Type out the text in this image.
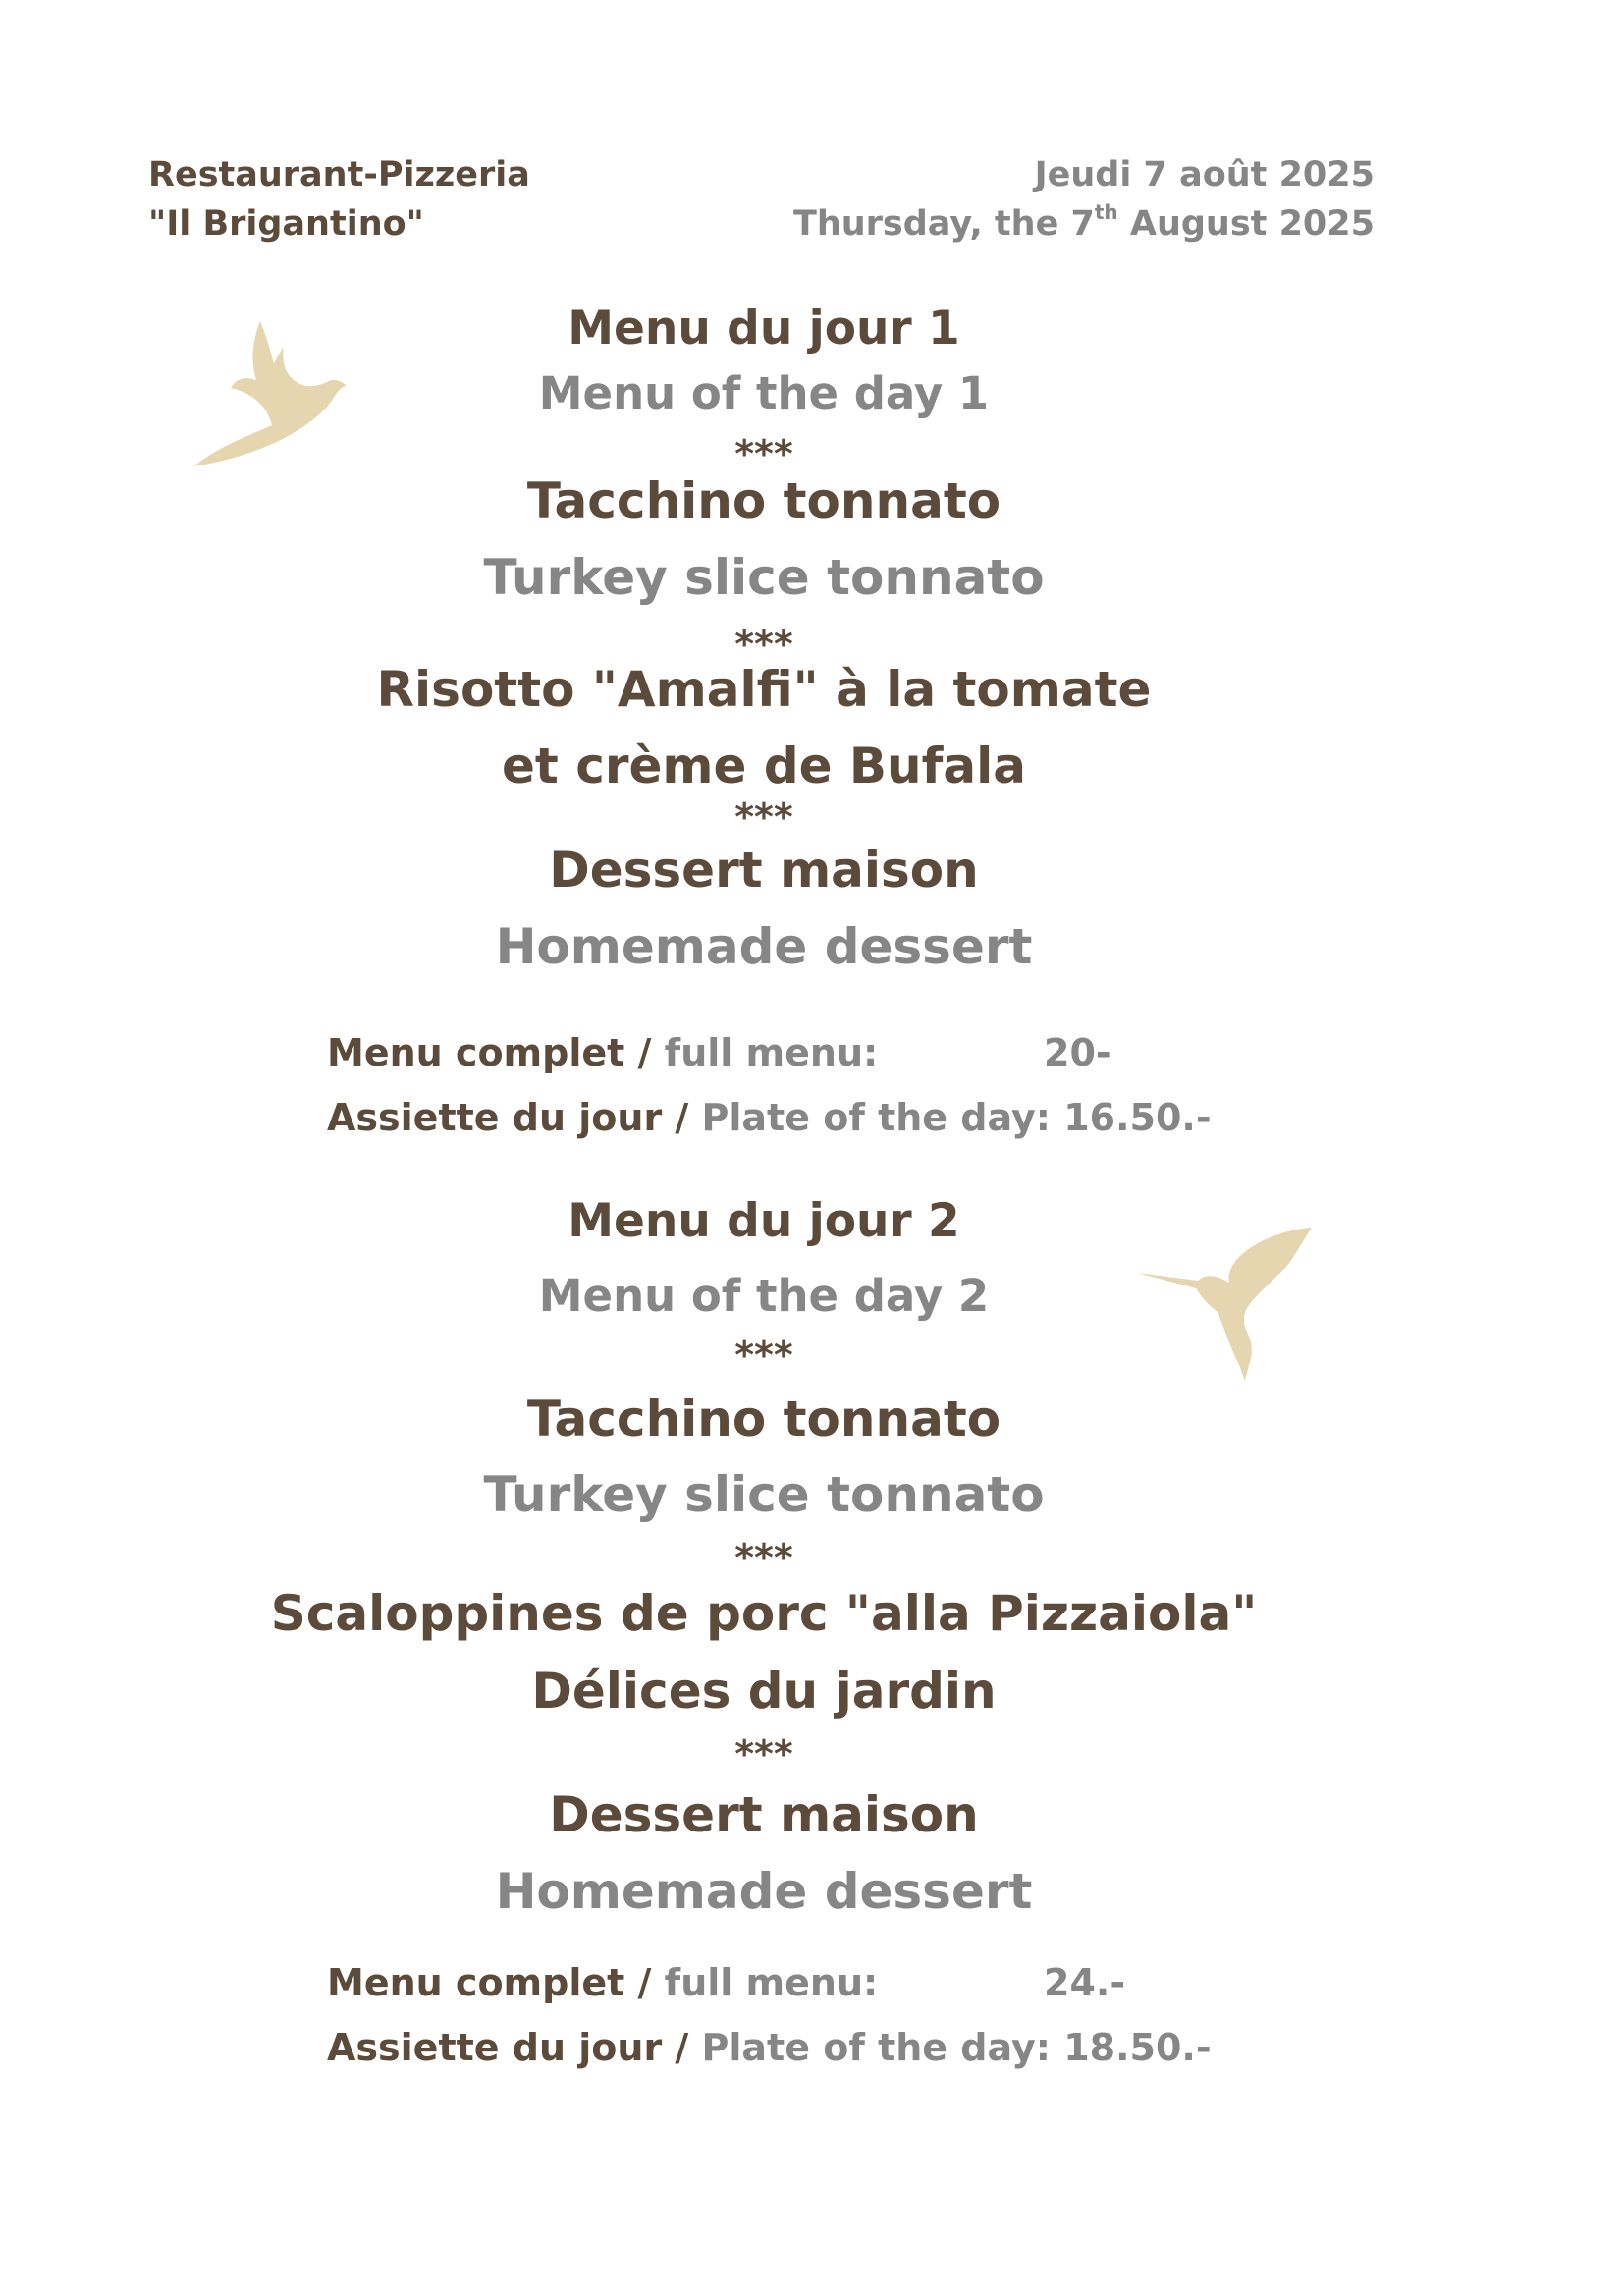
Restaurant-Pizzeria
"Il Brigantino"
Jeudi 7 août 2025
Thursday, the 7th August 2025
Menu du jour 1
Menu of the day 1
***
Tacchino tonnato
Turkey slice tonnato
***
Risotto "Amalfi" à la tomate
et crème de Bufala
***
Dessert maison
Homemade dessert
Menu complet / full menu:	20-
Assiette du jour / Plate of the day: 16.50.-
Menu du jour 2
Menu of the day 2
***
Tacchino tonnato
Turkey slice tonnato
***
Scaloppines de porc "alla Pizzaiola"
Délices du jardin
***
Dessert maison
Homemade dessert
Menu complet / full menu:	24.-
Assiette du jour / Plate of the day: 18.50.-
